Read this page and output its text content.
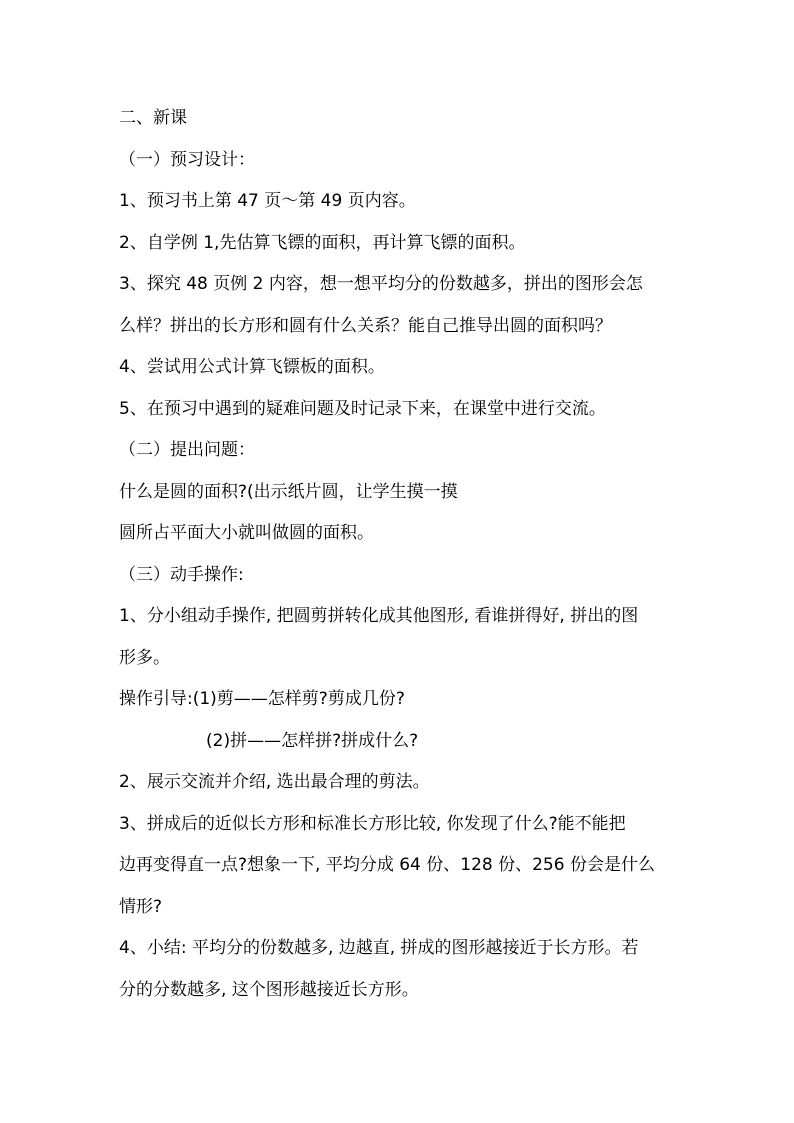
二、新课
（一）预习设计：
1、预习书上第 47 页～第 49 页内容。
2、自学例 1,先估算飞镖的面积，再计算飞镖的面积。
3、探究 48 页例 2 内容，想一想平均分的份数越多，拼出的图形会怎
么样？拼出的长方形和圆有什么关系？能自己推导出圆的面积吗？
4、尝试用公式计算飞镖板的面积。
5、在预习中遇到的疑难问题及时记录下来，在课堂中进行交流。
（二）提出问题：
什么是圆的面积?(出示纸片圆，让学生摸一摸
圆所占平面大小就叫做圆的面积。
（三）动手操作:
1、分小组动手操作, 把圆剪拼转化成其他图形, 看谁拼得好, 拼出的图
形多。
操作引导:(1)剪——怎样剪?剪成几份?
(2)拼——怎样拼?拼成什么?
2、展示交流并介绍, 选出最合理的剪法。
3、拼成后的近似长方形和标准长方形比较, 你发现了什么?能不能把
边再变得直一点?想象一下, 平均分成 64 份、128 份、256 份会是什么
情形?
4、小结: 平均分的份数越多, 边越直, 拼成的图形越接近于长方形。若
分的分数越多, 这个图形越接近长方形。
